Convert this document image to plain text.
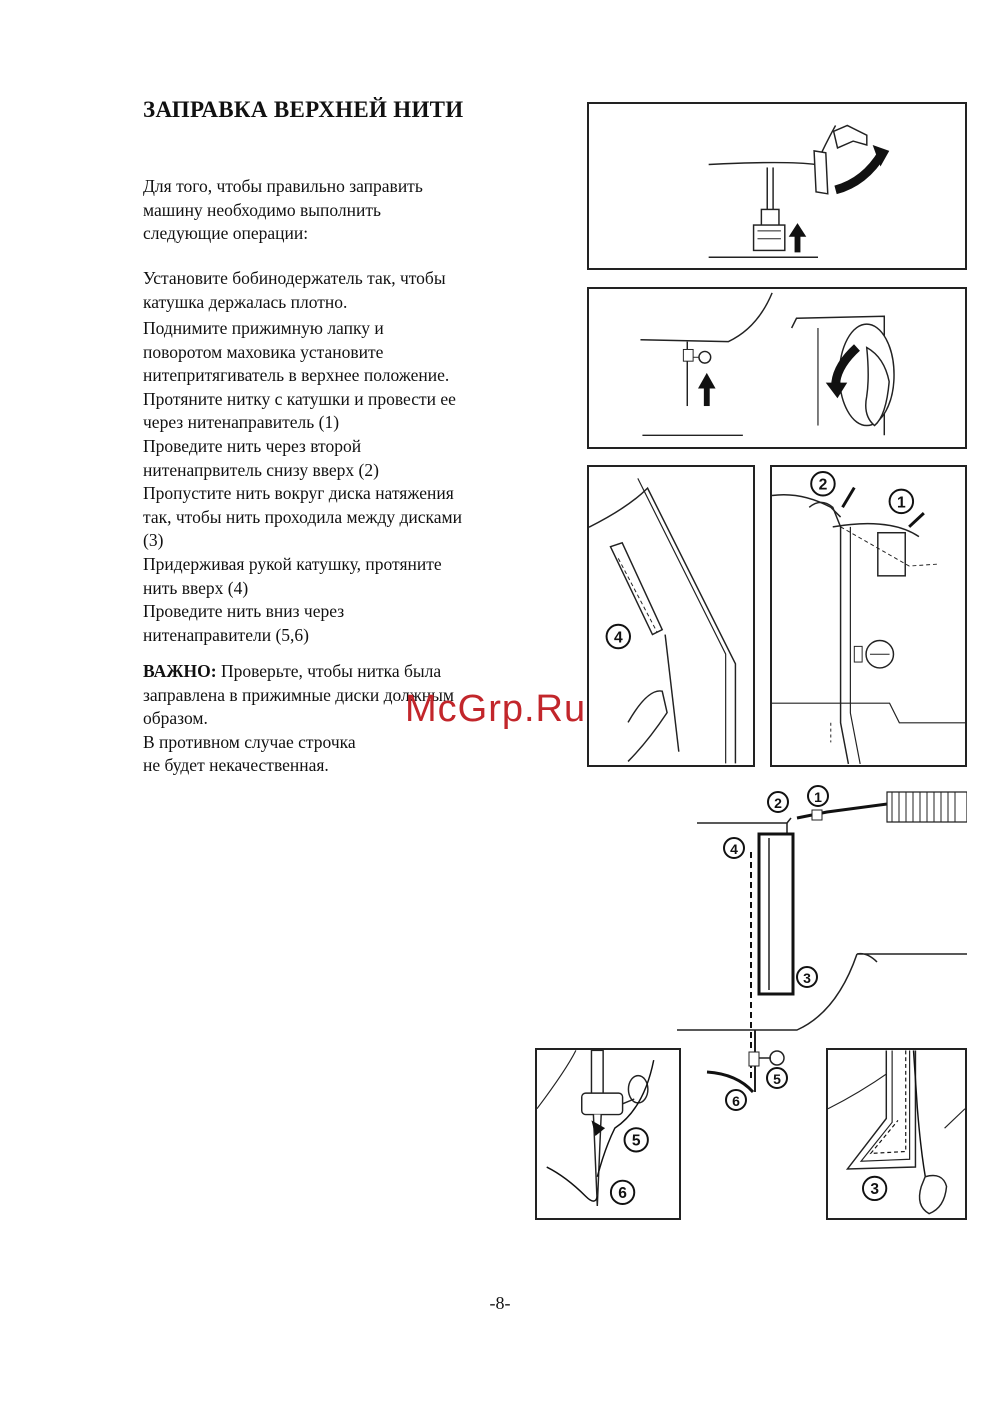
ЗАПРАВКА ВЕРХНЕЙ НИТИ

Для того, чтобы правильно заправить
машину необходимо выполнить
следующие операции:

Установите бобинодержатель так, чтобы
катушка держалась плотно.

Поднимите прижимную лапку и
поворотом маховика установите
нитепритягиватель в верхнее положение.
Протяните нитку с катушки и провести ее
через нитенаправитель (1)
Проведите нить через второй
нитенапрвитель снизу вверх (2)
Пропустите нить вокруг диска натяжения
так, чтобы нить проходила между дисками
(3)
Придерживая рукой катушку, протяните
нить вверх (4)
Проведите нить вниз через
нитенаправители (5,6)

ВАЖНО: Проверьте, чтобы нитка была
заправлена в прижимные диски должным
образом.
В противном случае строчка
не будет некачественная.

4
2
1
4
2 1
3
5
6
5
6	3
McGrp.Ru
-8-
